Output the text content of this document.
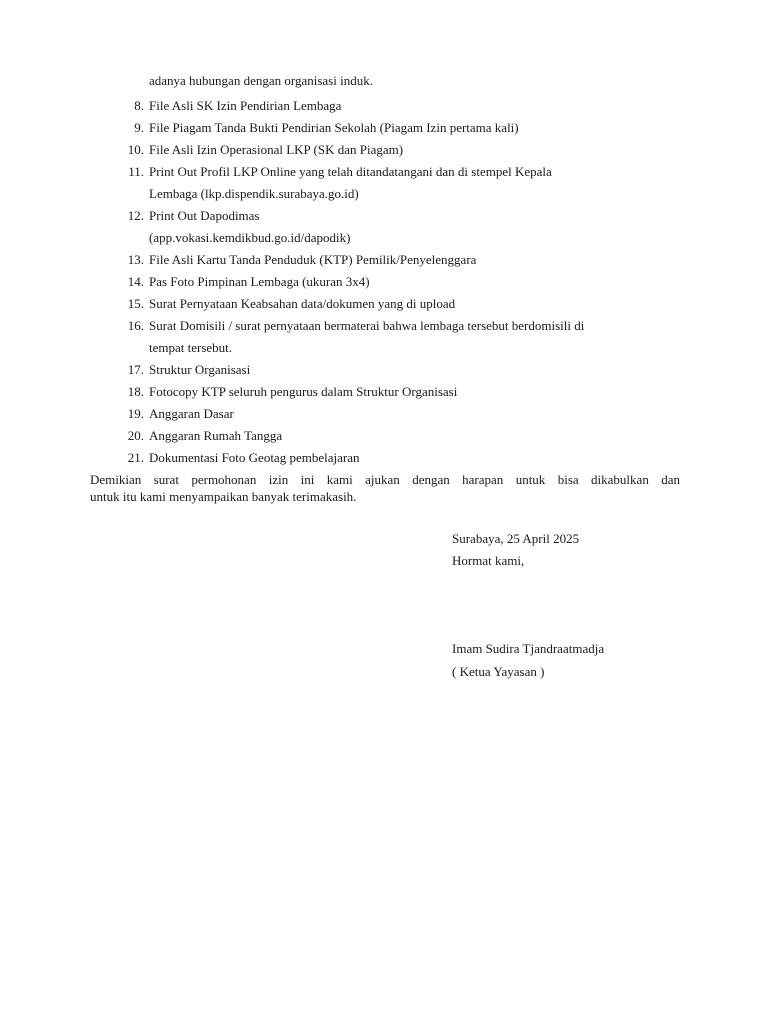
adanya hubungan dengan organisasi induk.

8. File Asli SK Izin Pendirian Lembaga
9. File Piagam Tanda Bukti Pendirian Sekolah (Piagam Izin pertama kali)
10. File Asli Izin Operasional LKP (SK dan Piagam)
11. Print Out Profil LKP Online yang telah ditandatangani dan di stempel Kepala
Lembaga (lkp.dispendik.surabaya.go.id)
12. Print Out Dapodimas
(app.vokasi.kemdikbud.go.id/dapodik)
13. File Asli Kartu Tanda Penduduk (KTP) Pemilik/Penyelenggara
14. Pas Foto Pimpinan Lembaga (ukuran 3x4)
15. Surat Pernyataan Keabsahan data/dokumen yang di upload
16. Surat Domisili / surat pernyataan bermaterai bahwa lembaga tersebut berdomisili di
tempat tersebut.
17. Struktur Organisasi
18. Fotocopy KTP seluruh pengurus dalam Struktur Organisasi
19. Anggaran Dasar
20. Anggaran Rumah Tangga
21. Dokumentasi Foto Geotag pembelajaran

Demikian surat permohonan izin ini kami ajukan dengan harapan untuk bisa dikabulkan dan
untuk itu kami menyampaikan banyak terimakasih.

Surabaya, 25 April 2025

Hormat kami,

Imam Sudira Tjandraatmadja

( Ketua Yayasan )
